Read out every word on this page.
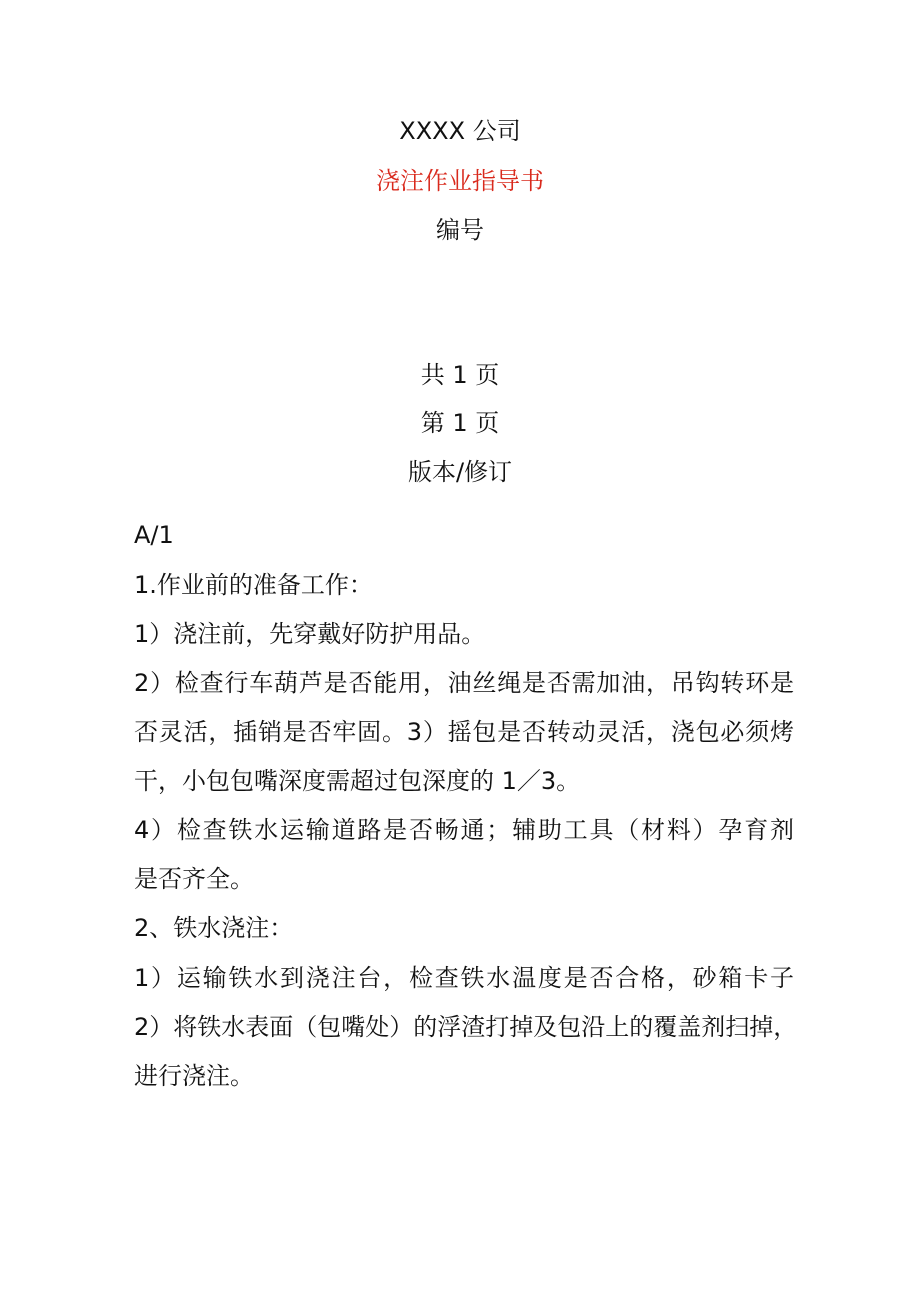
XXXX 公司
浇注作业指导书
编号
共 1 页
第 1 页
版本/修订
A/1
1.作业前的准备工作：
1）浇注前，先穿戴好防护用品。
2）检查行车葫芦是否能用，油丝绳是否需加油，吊钩转环是
否灵活，插销是否牢固。3）摇包是否转动灵活，浇包必须烤
干，小包包嘴深度需超过包深度的 1／3。
4）检查铁水运输道路是否畅通；辅助工具（材料）孕育剂
是否齐全。
2、铁水浇注：
1）运输铁水到浇注台，检查铁水温度是否合格，砂箱卡子
2）将铁水表面（包嘴处）的浮渣打掉及包沿上的覆盖剂扫掉，
进行浇注。
